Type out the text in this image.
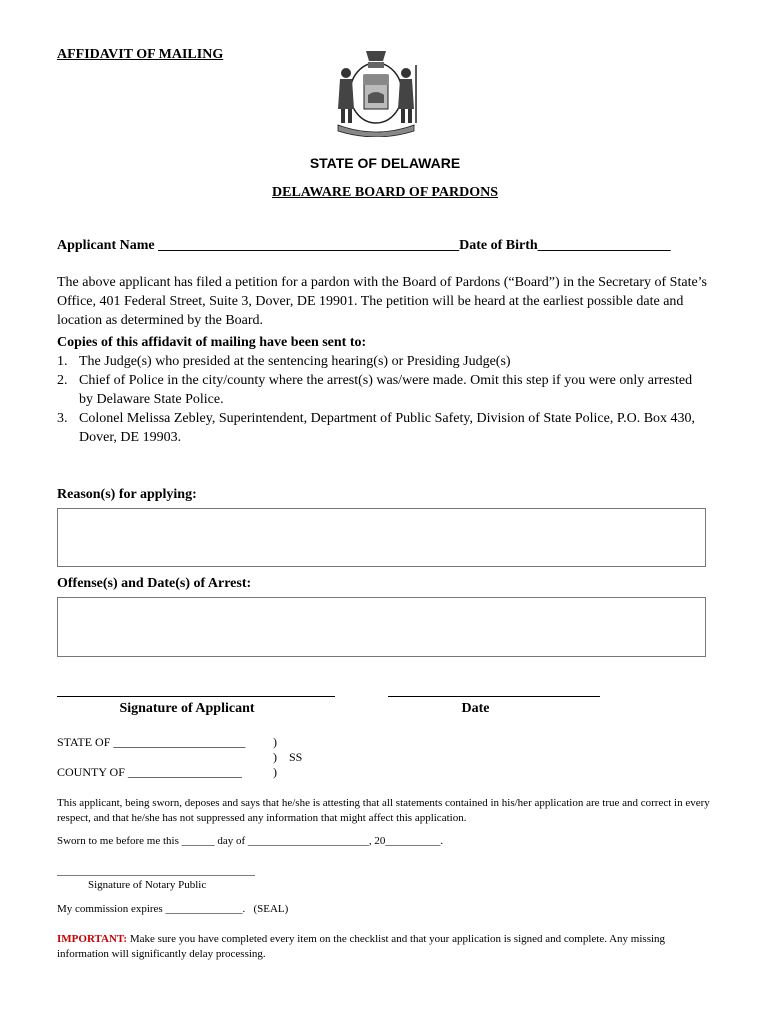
AFFIDAVIT OF MAILING
STATE OF DELAWARE
DELAWARE BOARD OF PARDONS
Applicant Name ___________________________________________Date of Birth___________________
The above applicant has filed a petition for a pardon with the Board of Pardons (“Board”) in the Secretary of State’s Office, 401 Federal Street, Suite 3, Dover, DE 19901. The petition will be heard at the earliest possible date and location as determined by the Board.
Copies of this affidavit of mailing have been sent to:
1. The Judge(s) who presided at the sentencing hearing(s) or Presiding Judge(s)
2. Chief of Police in the city/county where the arrest(s) was/were made. Omit this step if you were only arrested by Delaware State Police.
3. Colonel Melissa Zebley, Superintendent, Department of Public Safety, Division of State Police, P.O. Box 430, Dover, DE 19903.
Reason(s) for applying:
Offense(s) and Date(s) of Arrest:
Signature of Applicant	Date
STATE OF ______________________
COUNTY OF ___________________
)
)    SS
)
This applicant, being sworn, deposes and says that he/she is attesting that all statements contained in his/her application are true and correct in every respect, and that he/she has not suppressed any information that might affect this application.
Sworn to me before me this ______ day of ______________________, 20__________.
____________________________________
Signature of Notary Public
My commission expires ______________.   (SEAL)
IMPORTANT: Make sure you have completed every item on the checklist and that your application is signed and complete. Any missing information will significantly delay processing.
